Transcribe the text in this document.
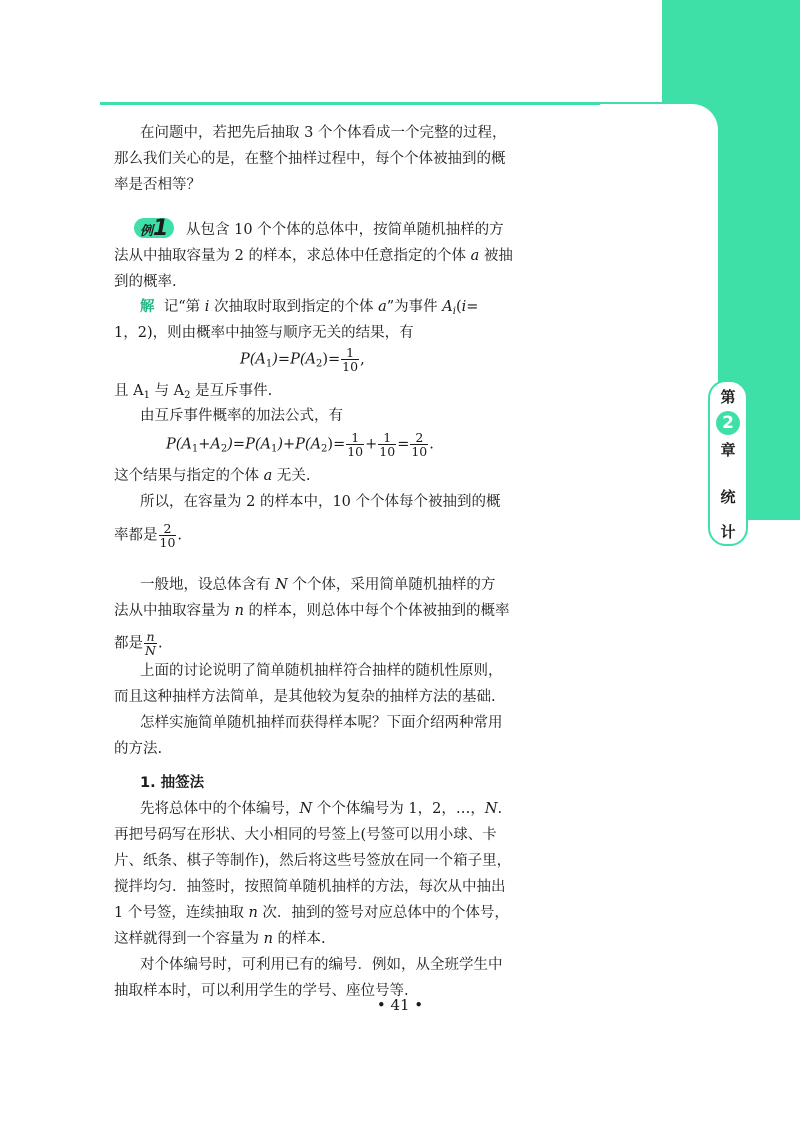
第
2
章
统
计
在问题中，若把先后抽取 3 个个体看成一个完整的过程，
那么我们关心的是，在整个抽样过程中，每个个体被抽到的概
率是否相等？
例1 从包含 10 个个体的总体中，按简单随机抽样的方
法从中抽取容量为 2 的样本，求总体中任意指定的个体 a 被抽
到的概率.
解 记“第 i 次抽取时取到指定的个体 a”为事件 $A_i(i=$
1，2)，则由概率中抽签与顺序无关的结果，有
$P(A_1)=P(A_2)= \frac{1}{10}$ ,
且 $A_1$ 与 $A_2$ 是互斥事件.
由互斥事件概率的加法公式，有
$P(A_1+A_2)=P(A_1)+P(A_2)= \frac{1}{10} + \frac{1}{10} = \frac{2}{10}$ .
这个结果与指定的个体 a 无关.
所以，在容量为 2 的样本中，10 个个体每个被抽到的概
率都是 $\frac{2}{10}$ .
一般地，设总体含有 N 个个体，采用简单随机抽样的方
法从中抽取容量为 n 的样本，则总体中每个个体被抽到的概率
都是 $\frac{n}{N}$ .
上面的讨论说明了简单随机抽样符合抽样的随机性原则，
而且这种抽样方法简单，是其他较为复杂的抽样方法的基础.
怎样实施简单随机抽样而获得样本呢？下面介绍两种常用
的方法.
1. 抽签法
先将总体中的个体编号，N 个个体编号为 1，2，…，N.
再把号码写在形状、大小相同的号签上(号签可以用小球、卡
片、纸条、棋子等制作)，然后将这些号签放在同一个箱子里，
搅拌均匀．抽签时，按照简单随机抽样的方法，每次从中抽出
1 个号签，连续抽取 n 次．抽到的签号对应总体中的个体号，
这样就得到一个容量为 n 的样本.
对个体编号时，可利用已有的编号．例如，从全班学生中
抽取样本时，可以利用学生的学号、座位号等.
• 41 •
